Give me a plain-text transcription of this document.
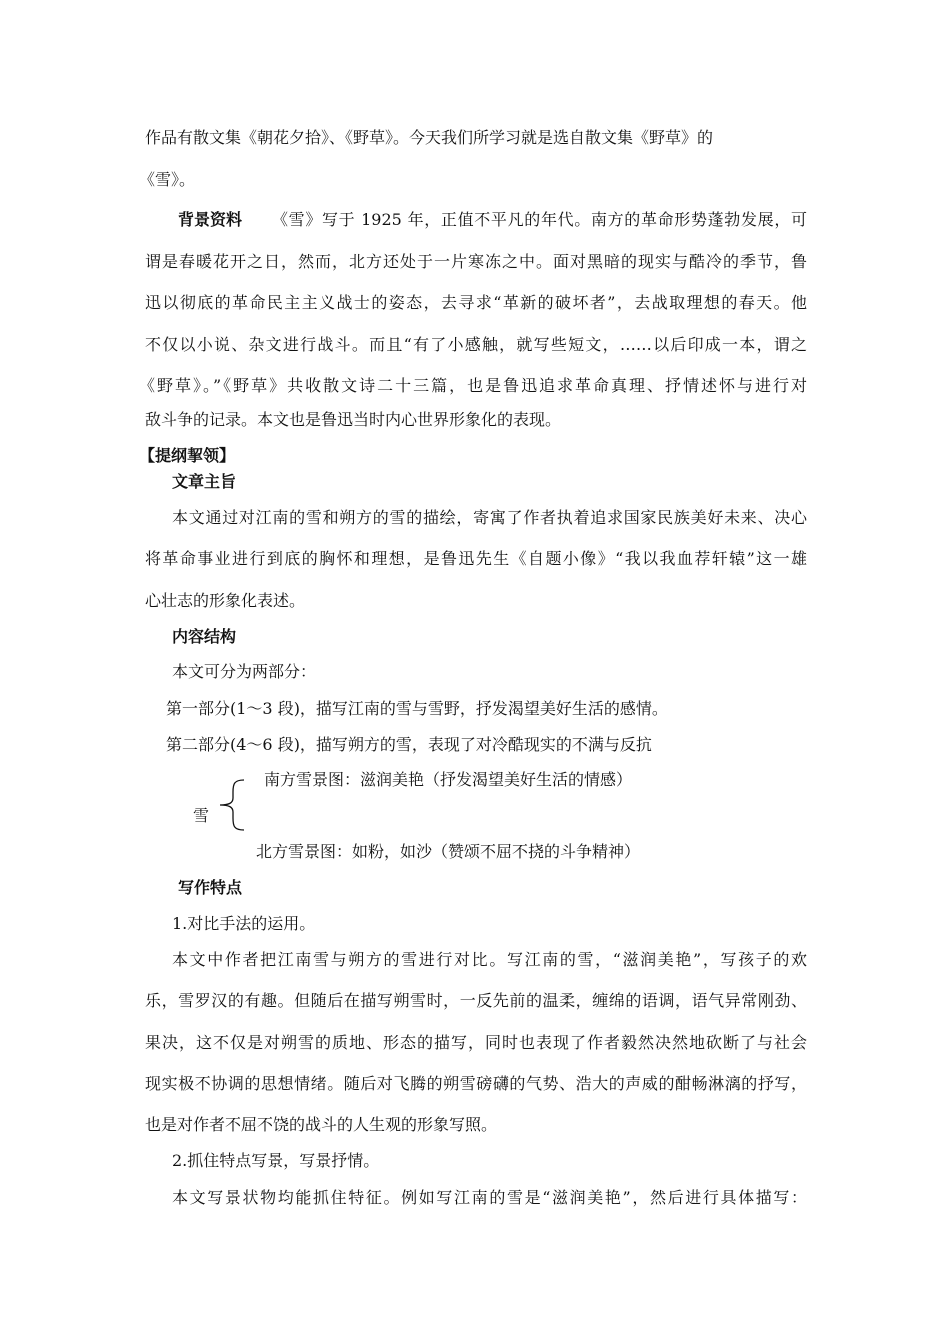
作品有散文集《朝花夕拾》、《野草》。今天我们所学习就是选自散文集《野草》的
《雪》。
背景资料 《雪》写于 1925 年，正值不平凡的年代。南方的革命形势蓬勃发展，可
谓是春暖花开之日，然而，北方还处于一片寒冻之中。面对黑暗的现实与酷冷的季节，鲁
迅以彻底的革命民主主义战士的姿态，去寻求“革新的破坏者”，去战取理想的春天。他
不仅以小说、杂文进行战斗。而且“有了小感触，就写些短文，……以后印成一本，谓之
《野草》。”《野草》共收散文诗二十三篇，也是鲁迅追求革命真理、抒情述怀与进行对
敌斗争的记录。本文也是鲁迅当时内心世界形象化的表现。
【提纲挈领】
文章主旨
本文通过对江南的雪和朔方的雪的描绘，寄寓了作者执着追求国家民族美好未来、决心
将革命事业进行到底的胸怀和理想，是鲁迅先生《自题小像》“我以我血荐轩辕”这一雄
心壮志的形象化表述。
内容结构
本文可分为两部分：
第一部分(1～3 段)，描写江南的雪与雪野，抒发渴望美好生活的感情。
第二部分(4～6 段)，描写朔方的雪，表现了对冷酷现实的不满与反抗
南方雪景图：滋润美艳（抒发渴望美好生活的情感）
雪
北方雪景图：如粉，如沙（赞颂不屈不挠的斗争精神）
写作特点
1.对比手法的运用。
本文中作者把江南雪与朔方的雪进行对比。写江南的雪，“滋润美艳”，写孩子的欢
乐，雪罗汉的有趣。但随后在描写朔雪时，一反先前的温柔，缠绵的语调，语气异常刚劲、
果决，这不仅是对朔雪的质地、形态的描写，同时也表现了作者毅然决然地砍断了与社会
现实极不协调的思想情绪。随后对飞腾的朔雪磅礴的气势、浩大的声威的酣畅淋漓的抒写，
也是对作者不屈不饶的战斗的人生观的形象写照。
2.抓住特点写景，写景抒情。
本文写景状物均能抓住特征。例如写江南的雪是“滋润美艳”，然后进行具体描写：
